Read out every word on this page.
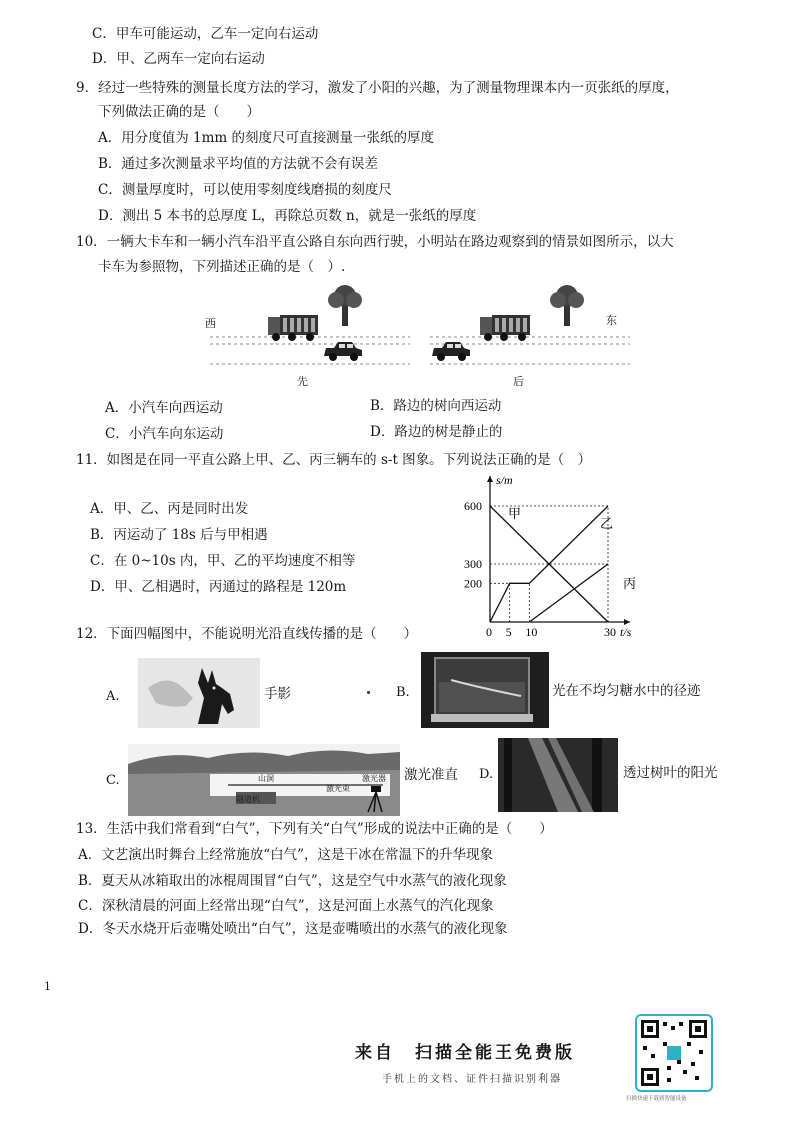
C．甲车可能运动，乙车一定向右运动
D．甲、乙两车一定向右运动
9．经过一些特殊的测量长度方法的学习，激发了小阳的兴趣，为了测量物理课本内一页张纸的厚度，
下列做法正确的是（　　）
A．用分度值为 1mm 的刻度尺可直接测量一张纸的厚度
B．通过多次测量求平均值的方法就不会有误差
C．测量厚度时，可以使用零刻度线磨损的刻度尺
D．测出 5 本书的总厚度 L，再除总页数 n，就是一张纸的厚度
10．一辆大卡车和一辆小汽车沿平直公路自东向西行驶，小明站在路边观察到的情景如图所示，以大
卡车为参照物，下列描述正确的是（　）.
西	东
先	后
A．小汽车向西运动	B．路边的树向西运动
C．小汽车向东运动	D．路边的树是静止的
11．如图是在同一平直公路上甲、乙、丙三辆车的 s-t 图象。下列说法正确的是（　）
A．甲、乙、丙是同时出发
B．丙运动了 18s 后与甲相遇
C．在 0~10s 内，甲、乙的平均速度不相等
D．甲、乙相遇时，丙通过的路程是 120m
s/m
t/s
600
300
200
0 5 10	30
甲
乙
丙
12．下面四幅图中，不能说明光沿直线传播的是（　　）
A.	手影	B.	光在不均匀糖水中的径迹
C.	山洞
隧道机
激光束
激光器 激光准直 D.	透过树叶的阳光
13．生活中我们常看到“白气”，下列有关“白气”形成的说法中正确的是（　　）
A．文艺演出时舞台上经常施放“白气”，这是干冰在常温下的升华现象
B．夏天从冰箱取出的冰棍周围冒“白气”，这是空气中水蒸气的液化现象
C．深秋清晨的河面上经常出现“白气”，这是河面上水蒸气的汽化现象
D．冬天水烧开后壶嘴处喷出“白气”，这是壶嘴喷出的水蒸气的液化现象
1
来自　扫描全能王免费版
手机上的文档、证件扫描识别利器
扫描快速下载到智能设备
